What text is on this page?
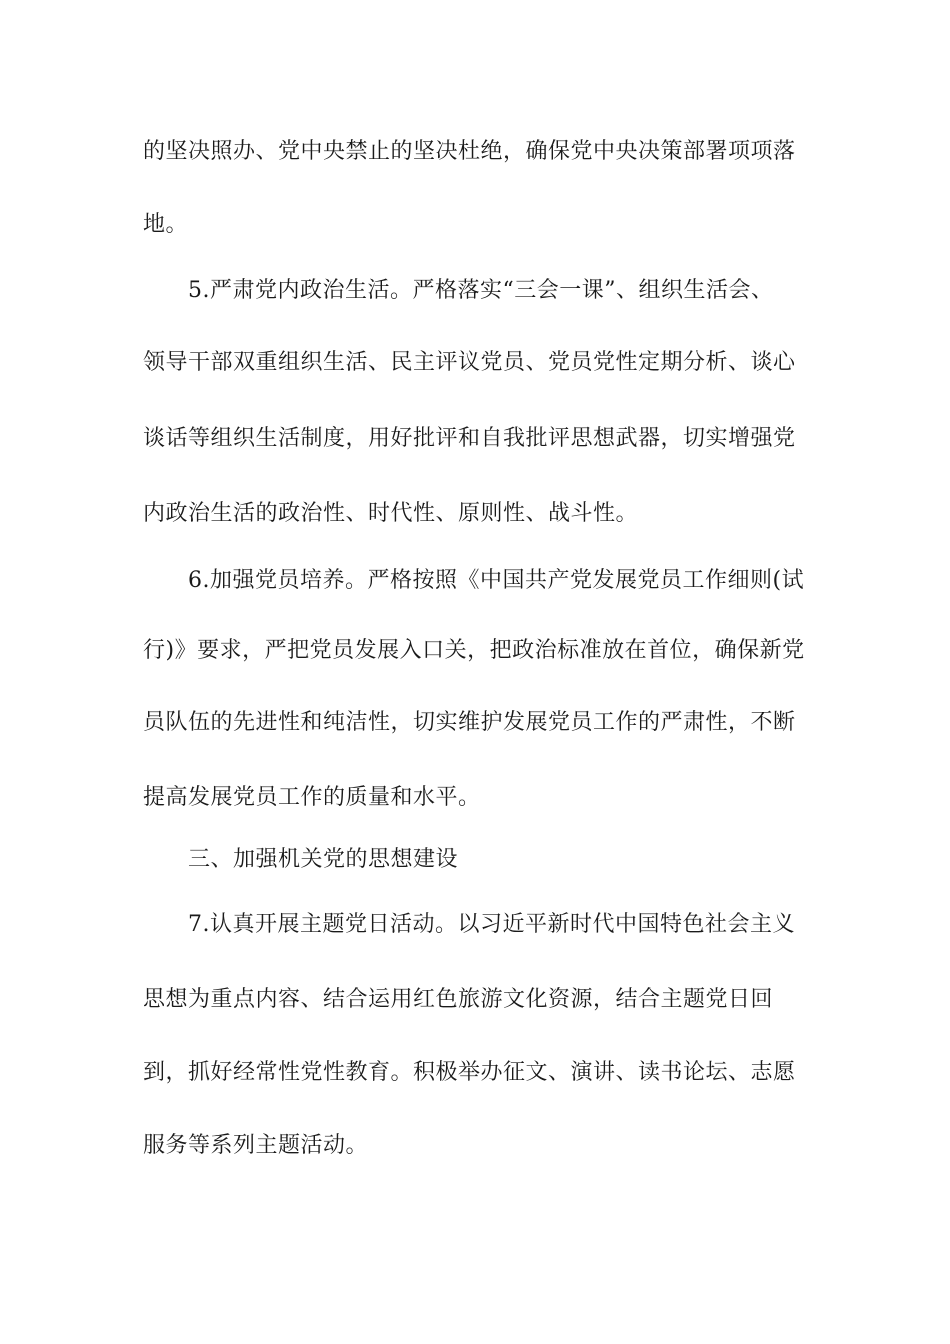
的坚决照办、党中央禁止的坚决杜绝，确保党中央决策部署项项落
地。
5.严肃党内政治生活。严格落实“三会一课”、组织生活会、
领导干部双重组织生活、民主评议党员、党员党性定期分析、谈心
谈话等组织生活制度，用好批评和自我批评思想武器，切实增强党
内政治生活的政治性、时代性、原则性、战斗性。
6.加强党员培养。严格按照《中国共产党发展党员工作细则(试
行)》要求，严把党员发展入口关，把政治标准放在首位，确保新党
员队伍的先进性和纯洁性，切实维护发展党员工作的严肃性，不断
提高发展党员工作的质量和水平。
三、加强机关党的思想建设
7.认真开展主题党日活动。以习近平新时代中国特色社会主义
思想为重点内容、结合运用红色旅游文化资源，结合主题党日回
到，抓好经常性党性教育。积极举办征文、演讲、读书论坛、志愿
服务等系列主题活动。
